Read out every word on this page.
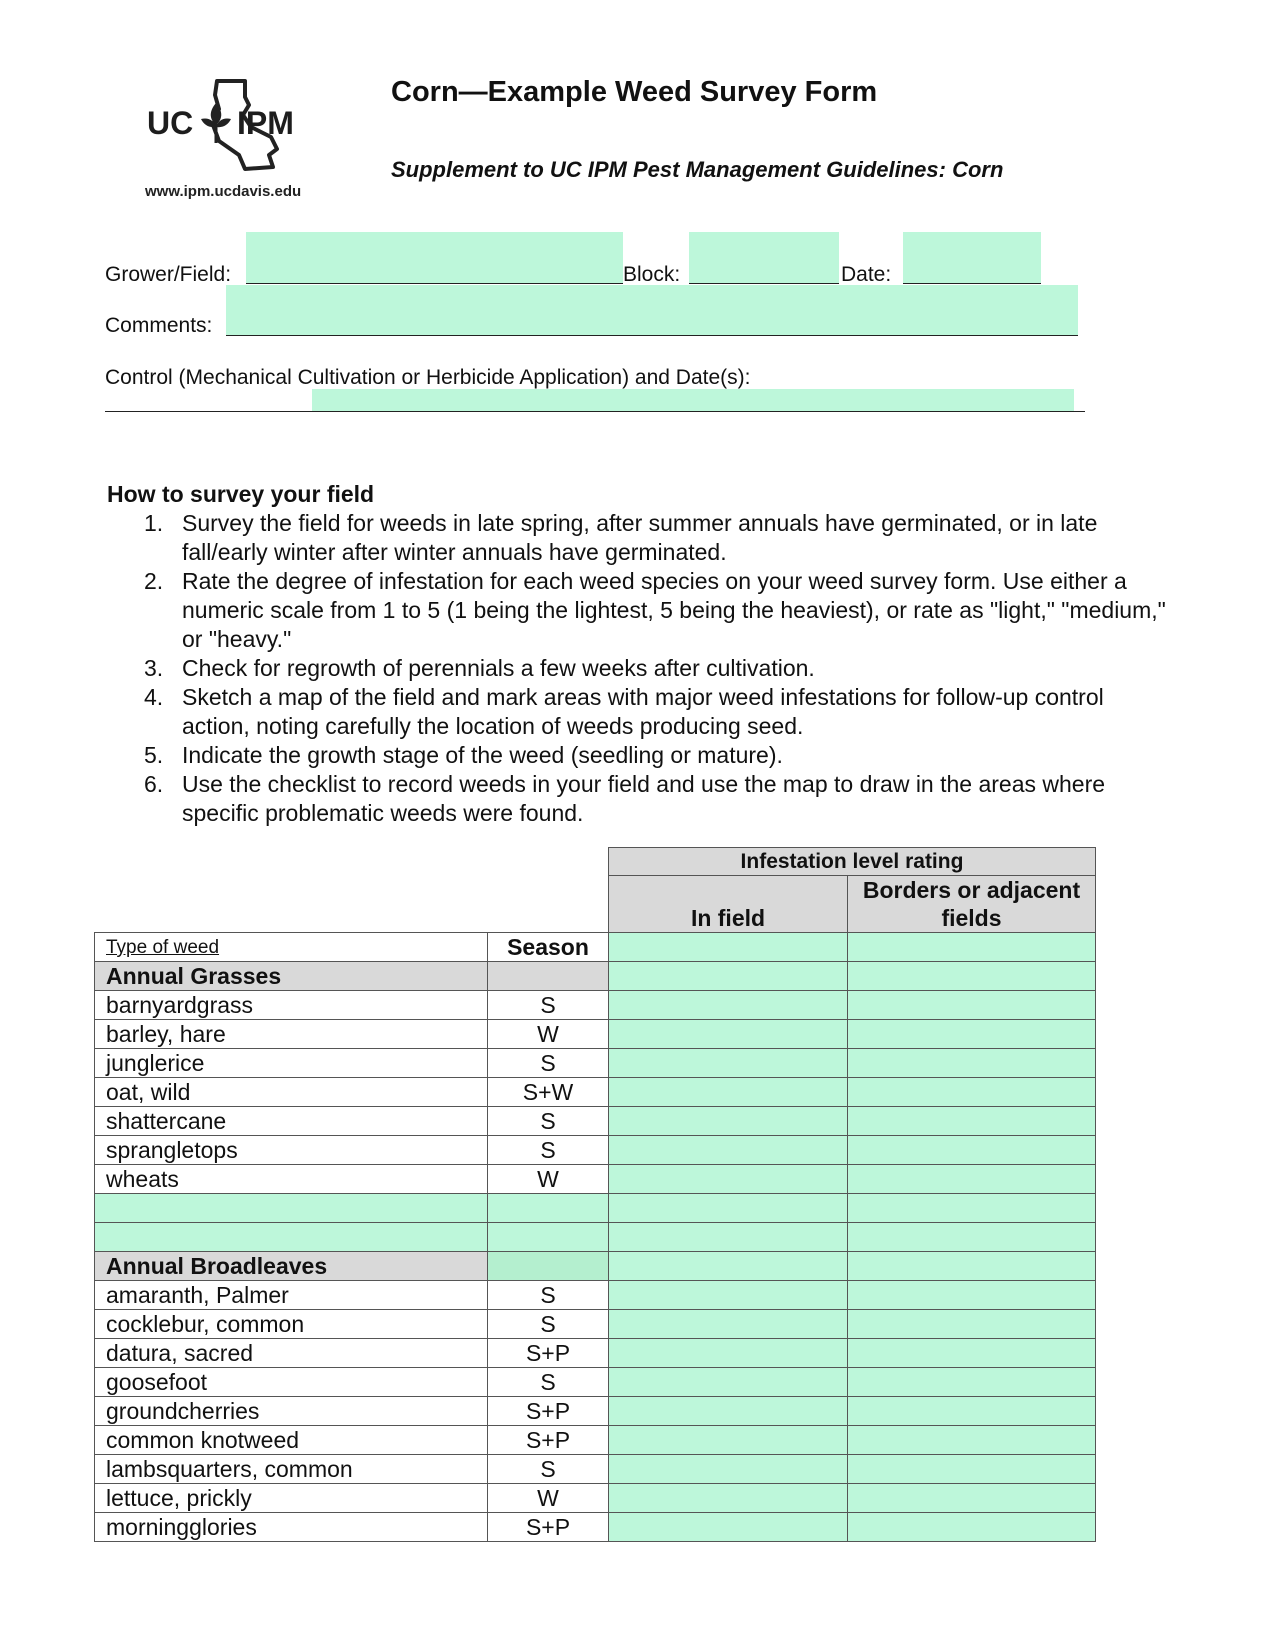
UC IPM
www.ipm.ucdavis.edu
Corn—Example Weed Survey Form
Supplement to UC IPM Pest Management Guidelines: Corn
Grower/Field:	Block:	Date:
Comments:
Control (Mechanical Cultivation or Herbicide Application) and Date(s):
How to survey your field
1. Survey the field for weeds in late spring, after summer annuals have germinated, or in late fall/early winter after winter annuals have germinated.
2. Rate the degree of infestation for each weed species on your weed survey form. Use either a numeric scale from 1 to 5 (1 being the lightest, 5 being the heaviest), or rate as "light," "medium," or "heavy."
3. Check for regrowth of perennials a few weeks after cultivation.
4. Sketch a map of the field and mark areas with major weed infestations for follow-up control action, noting carefully the location of weeds producing seed.
5. Indicate the growth stage of the weed (seedling or mature).
6. Use the checklist to record weeds in your field and use the map to draw in the areas where specific problematic weeds were found.
		Infestation level rating	
		In field	Borders or adjacent fields
Type of weed	Season		
Annual Grasses			
barnyardgrass	S		
barley, hare	W		
junglerice	S		
oat, wild	S+W		
shattercane	S		
sprangletops	S		
wheats	W		

Annual Broadleaves			
amaranth, Palmer	S		
cocklebur, common	S		
datura, sacred	S+P		
goosefoot	S		
groundcherries	S+P		
common knotweed	S+P		
lambsquarters, common	S		
lettuce, prickly	W		
morningglories	S+P		
